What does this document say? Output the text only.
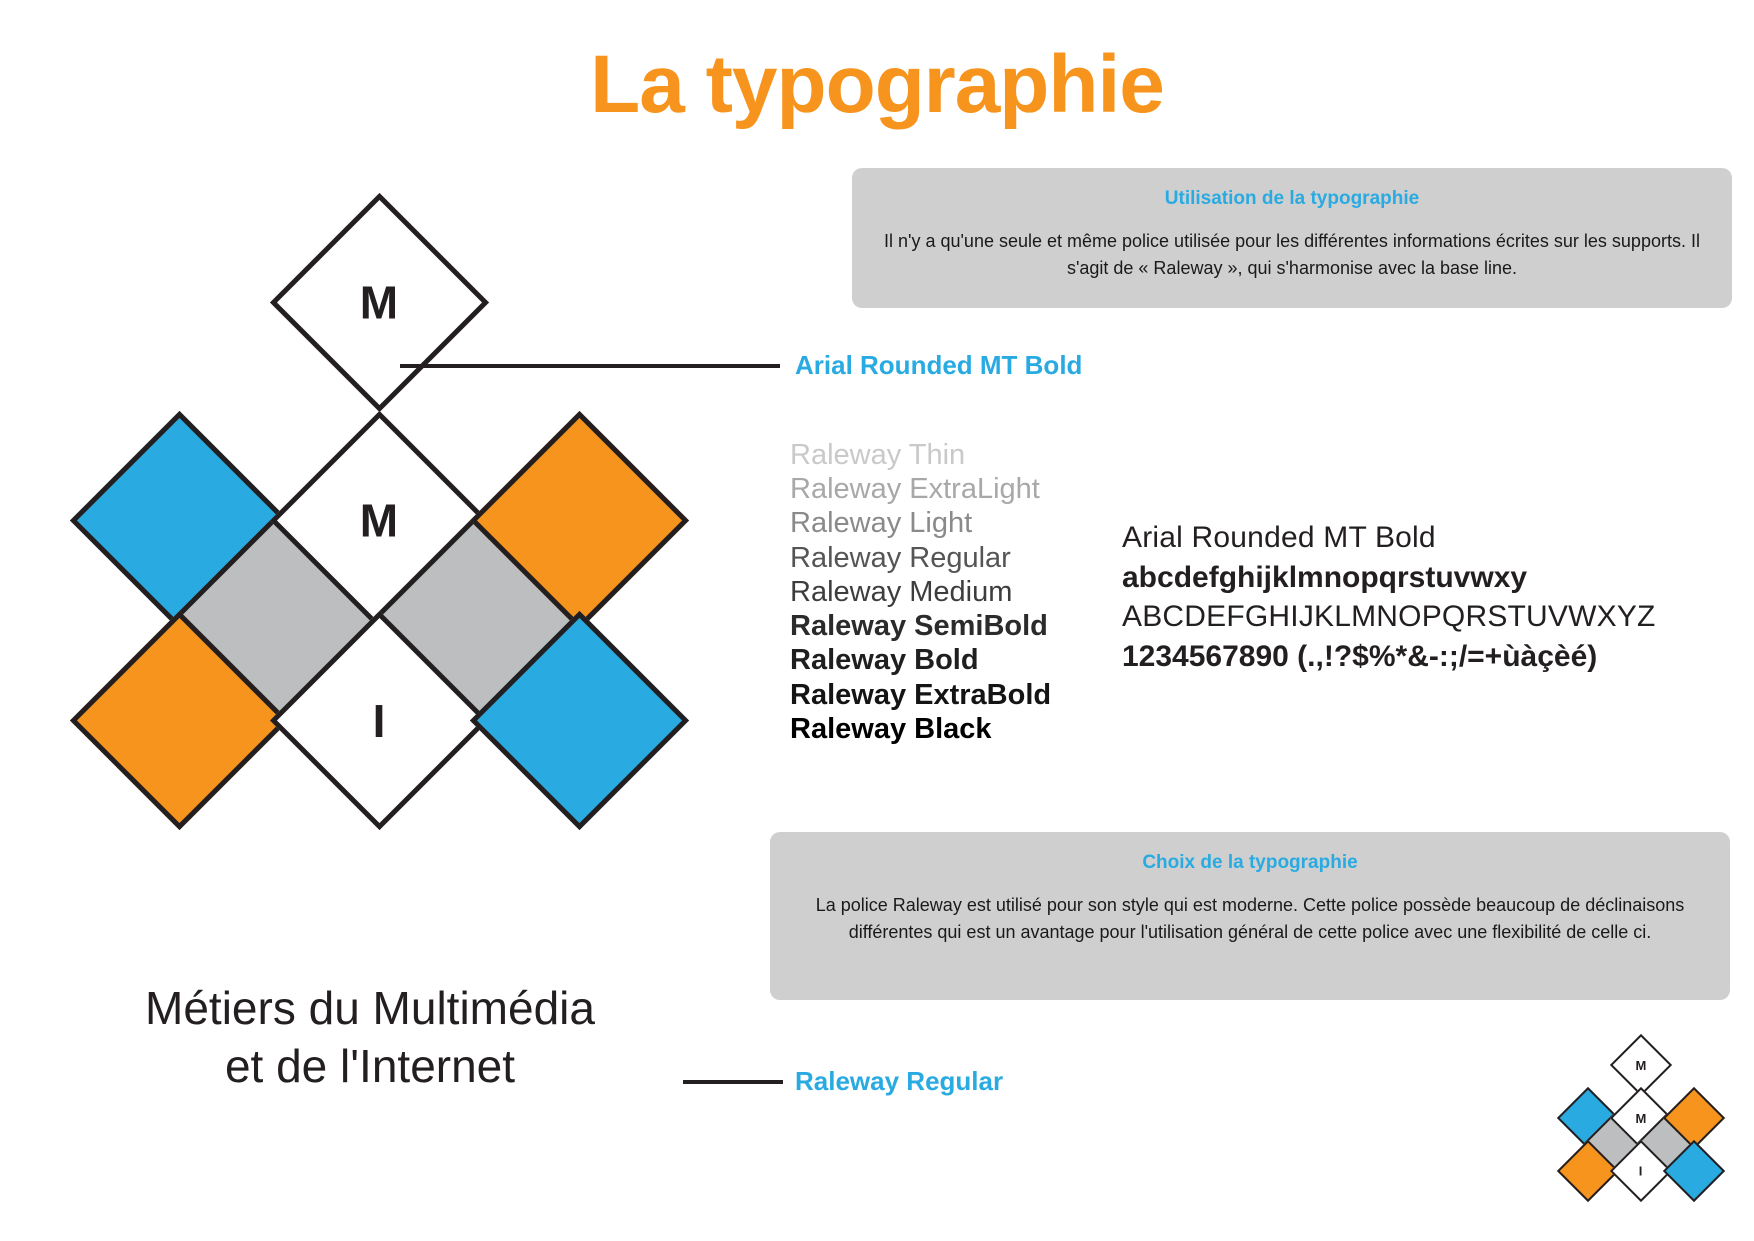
La typographie
Utilisation de la typographie
Il n'y a qu'une seule et même police utilisée pour les différentes informations écrites sur les supports. Il s'agit de « Raleway », qui s'harmonise avec la base line.
Choix de la typographie
La police Raleway est utilisé pour son style qui est moderne. Cette police possède beaucoup de déclinaisons différentes qui est un avantage pour l'utilisation général de cette police avec une flexibilité de celle ci.
M
M
I
Arial Rounded MT Bold
Métiers du Multimédia
et de l'Internet	Raleway Regular
Raleway Thin
Raleway ExtraLight
Raleway Light
Raleway Regular
Raleway Medium
Raleway SemiBold
Raleway Bold
Raleway ExtraBold
Raleway Black
Arial Rounded MT Bold
abcdefghijklmnopqrstuvwxy
ABCDEFGHIJKLMNOPQRSTUVWXYZ
1234567890 (.,!?$%*&-:;/=+ùàçèé)
M
M
I
